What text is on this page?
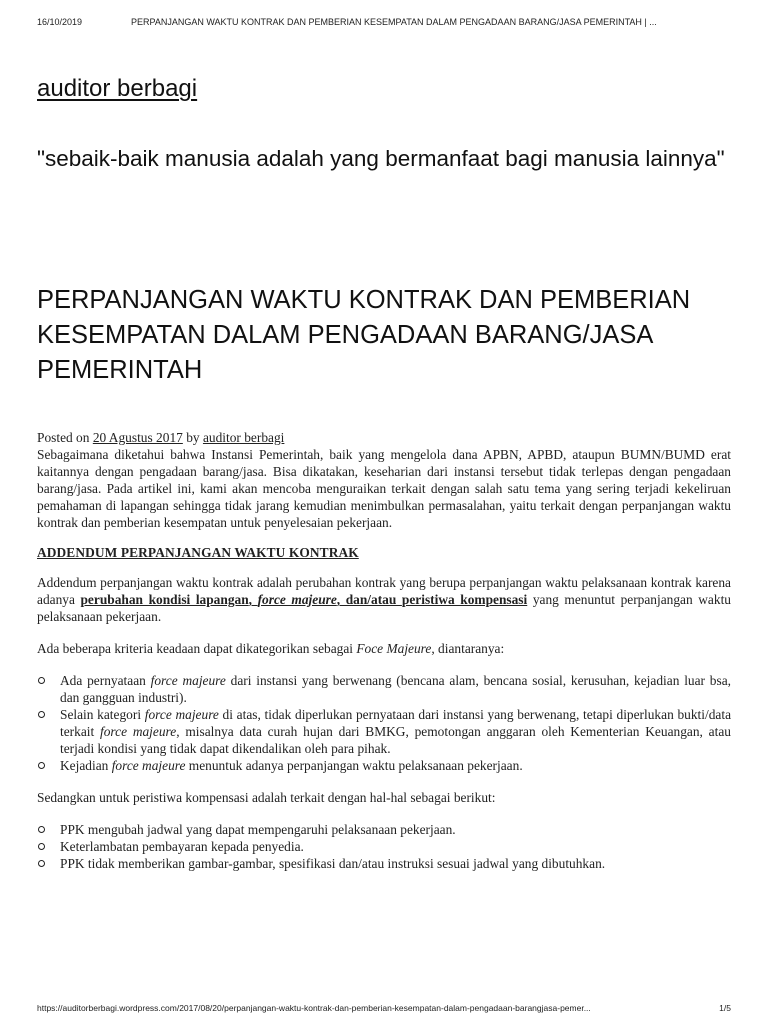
16/10/2019	PERPANJANGAN WAKTU KONTRAK DAN PEMBERIAN KESEMPATAN DALAM PENGADAAN BARANG/JASA PEMERINTAH | ...
auditor berbagi
"sebaik-baik manusia adalah yang bermanfaat bagi manusia lainnya"
PERPANJANGAN WAKTU KONTRAK DAN PEMBERIAN KESEMPATAN DALAM PENGADAAN BARANG/JASA PEMERINTAH

Posted on 20 Agustus 2017 by auditor berbagi

Sebagaimana diketahui bahwa Instansi Pemerintah, baik yang mengelola dana APBN, APBD, ataupun BUMN/BUMD erat kaitannya dengan pengadaan barang/jasa. Bisa dikatakan, keseharian dari instansi tersebut tidak terlepas dengan pengadaan barang/jasa. Pada artikel ini, kami akan mencoba menguraikan terkait dengan salah satu tema yang sering terjadi kekeliruan pemahaman di lapangan sehingga tidak jarang kemudian menimbulkan permasalahan, yaitu terkait dengan perpanjangan waktu kontrak dan pemberian kesempatan untuk penyelesaian pekerjaan.

ADDENDUM PERPANJANGAN WAKTU KONTRAK

Addendum perpanjangan waktu kontrak adalah perubahan kontrak yang berupa perpanjangan waktu pelaksanaan kontrak karena adanya perubahan kondisi lapangan, force majeure, dan/atau peristiwa kompensasi yang menuntut perpanjangan waktu pelaksanaan pekerjaan.

Ada beberapa kriteria keadaan dapat dikategorikan sebagai Foce Majeure, diantaranya:

Ada pernyataan force majeure dari instansi yang berwenang (bencana alam, bencana sosial, kerusuhan, kejadian luar bsa, dan gangguan industri).
Selain kategori force majeure di atas, tidak diperlukan pernyataan dari instansi yang berwenang, tetapi diperlukan bukti/data terkait force majeure, misalnya data curah hujan dari BMKG, pemotongan anggaran oleh Kementerian Keuangan, atau terjadi kondisi yang tidak dapat dikendalikan oleh para pihak.
Kejadian force majeure menuntuk adanya perpanjangan waktu pelaksanaan pekerjaan.

Sedangkan untuk peristiwa kompensasi adalah terkait dengan hal-hal sebagai berikut:

PPK mengubah jadwal yang dapat mempengaruhi pelaksanaan pekerjaan.
Keterlambatan pembayaran kepada penyedia.
PPK tidak memberikan gambar-gambar, spesifikasi dan/atau instruksi sesuai jadwal yang dibutuhkan.
https://auditorberbagi.wordpress.com/2017/08/20/perpanjangan-waktu-kontrak-dan-pemberian-kesempatan-dalam-pengadaan-barangjasa-pemer...	1/5
